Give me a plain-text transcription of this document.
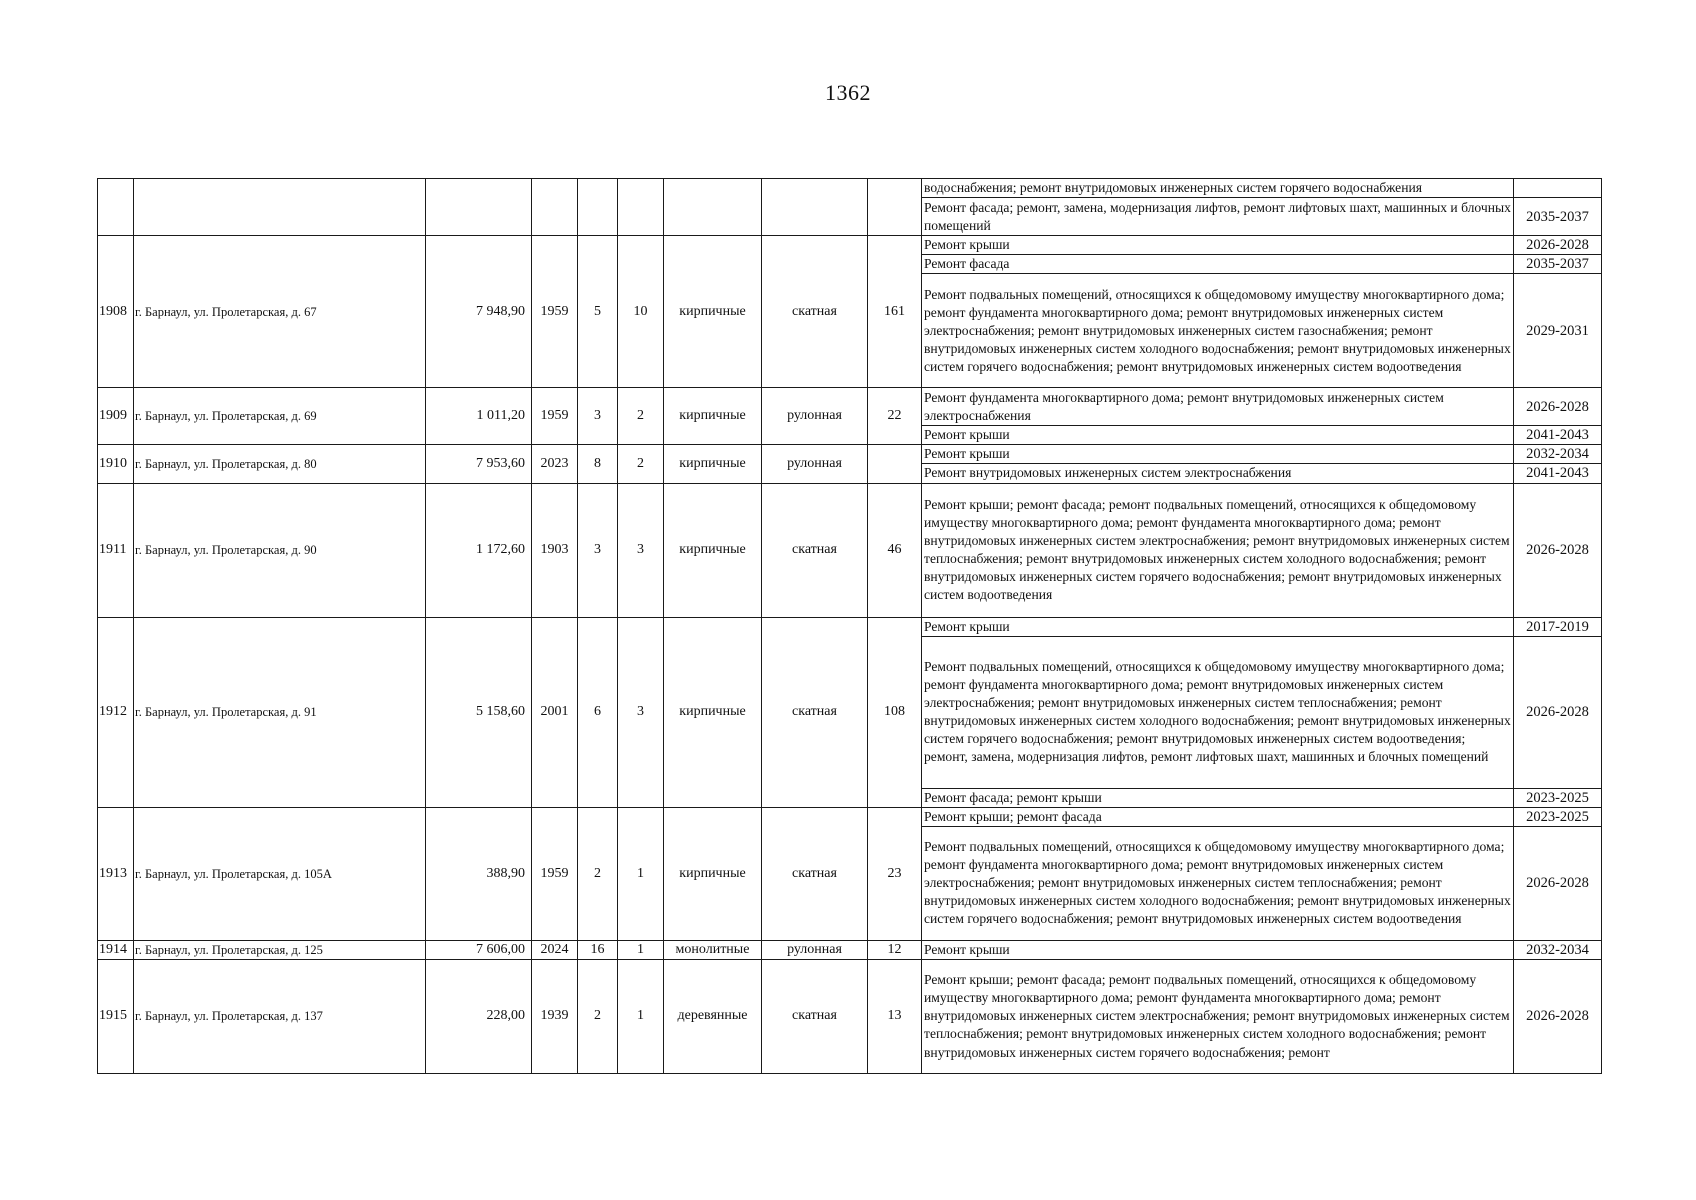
1362
									водоснабжения; ремонт внутридомовых инженерных систем горячего водоснабжения	
									Ремонт фасада; ремонт, замена, модернизация лифтов, ремонт лифтовых шахт, машинных и блочных помещений	2035-2037
1908	г. Барнаул, ул. Пролетарская, д. 67	7 948,90	1959	5	10	кирпичные	скатная	161	Ремонт крыши	2026-2028
									Ремонт фасада	2035-2037
									Ремонт подвальных помещений, относящихся к общедомовому имуществу многоквартирного дома; ремонт фундамента многоквартирного дома; ремонт внутридомовых инженерных систем электроснабжения; ремонт внутридомовых инженерных систем газоснабжения; ремонт внутридомовых инженерных систем холодного водоснабжения; ремонт внутридомовых инженерных систем горячего водоснабжения; ремонт внутридомовых инженерных систем водоотведения	2029-2031
1909	г. Барнаул, ул. Пролетарская, д. 69	1 011,20	1959	3	2	кирпичные	рулонная	22	Ремонт фундамента многоквартирного дома; ремонт внутридомовых инженерных систем электроснабжения	2026-2028
									Ремонт крыши	2041-2043
1910	г. Барнаул, ул. Пролетарская, д. 80	7 953,60	2023	8	2	кирпичные	рулонная		Ремонт крыши	2032-2034
									Ремонт внутридомовых инженерных систем электроснабжения	2041-2043
1911	г. Барнаул, ул. Пролетарская, д. 90	1 172,60	1903	3	3	кирпичные	скатная	46	Ремонт крыши; ремонт фасада; ремонт подвальных помещений, относящихся к общедомовому имуществу многоквартирного дома; ремонт фундамента многоквартирного дома; ремонт внутридомовых инженерных систем электроснабжения; ремонт внутридомовых инженерных систем теплоснабжения; ремонт внутридомовых инженерных систем холодного водоснабжения; ремонт внутридомовых инженерных систем горячего водоснабжения; ремонт внутридомовых инженерных систем водоотведения	2026-2028
1912	г. Барнаул, ул. Пролетарская, д. 91	5 158,60	2001	6	3	кирпичные	скатная	108	Ремонт крыши	2017-2019
									Ремонт подвальных помещений, относящихся к общедомовому имуществу многоквартирного дома; ремонт фундамента многоквартирного дома; ремонт внутридомовых инженерных систем электроснабжения; ремонт внутридомовых инженерных систем теплоснабжения; ремонт внутридомовых инженерных систем холодного водоснабжения; ремонт внутридомовых инженерных систем горячего водоснабжения; ремонт внутридомовых инженерных систем водоотведения; ремонт, замена, модернизация лифтов, ремонт лифтовых шахт, машинных и блочных помещений	2026-2028
									Ремонт фасада; ремонт крыши	2023-2025
1913	г. Барнаул, ул. Пролетарская, д. 105А	388,90	1959	2	1	кирпичные	скатная	23	Ремонт крыши; ремонт фасада	2023-2025
									Ремонт подвальных помещений, относящихся к общедомовому имуществу многоквартирного дома; ремонт фундамента многоквартирного дома; ремонт внутридомовых инженерных систем электроснабжения; ремонт внутридомовых инженерных систем теплоснабжения; ремонт внутридомовых инженерных систем холодного водоснабжения; ремонт внутридомовых инженерных систем горячего водоснабжения; ремонт внутридомовых инженерных систем водоотведения	2026-2028
1914	г. Барнаул, ул. Пролетарская, д. 125	7 606,00	2024	16	1	монолитные	рулонная	12	Ремонт крыши	2032-2034
1915	г. Барнаул, ул. Пролетарская, д. 137	228,00	1939	2	1	деревянные	скатная	13	Ремонт крыши; ремонт фасада; ремонт подвальных помещений, относящихся к общедомовому имуществу многоквартирного дома; ремонт фундамента многоквартирного дома; ремонт внутридомовых инженерных систем электроснабжения; ремонт внутридомовых инженерных систем теплоснабжения; ремонт внутридомовых инженерных систем холодного водоснабжения; ремонт внутридомовых инженерных систем горячего водоснабжения; ремонт	2026-2028
